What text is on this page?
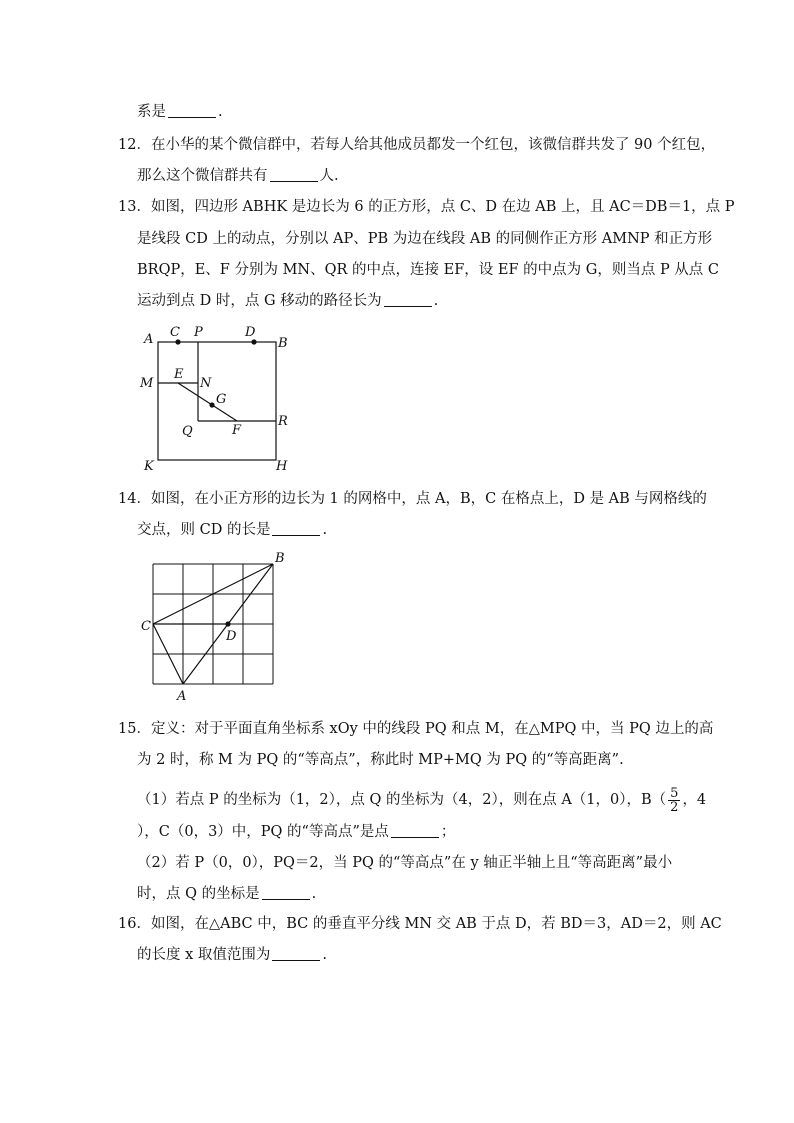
系是	.
12．在小华的某个微信群中，若每人给其他成员都发一个红包，该微信群共发了 90 个红包，
那么这个微信群共有	人.
13．如图，四边形 ABHK 是边长为 6 的正方形，点 C、D 在边 AB 上，且 AC＝DB＝1，点 P
是线段 CD 上的动点，分别以 AP、PB 为边在线段 AB 的同侧作正方形 AMNP 和正方形
BRQP，E、F 分别为 MN、QR 的中点，连接 EF，设 EF 的中点为 G，则当点 P 从点 C
运动到点 D 时，点 G 移动的路径长为	.
A C P	D
B
M
E
N
G
Q	F
R
K	H
14．如图，在小正方形的边长为 1 的网格中，点 A，B，C 在格点上，D 是 AB 与网格线的
交点，则 CD 的长是	.
B
C
D
A
15．定义：对于平面直角坐标系 xOy 中的线段 PQ 和点 M，在△MPQ 中，当 PQ 边上的高
为 2 时，称 M 为 PQ 的“等高点”，称此时 MP+MQ 为 PQ 的“等高距离”.
（1）若点 P 的坐标为（1，2），点 Q 的坐标为（4，2），则在点 A（1，0），$B( \frac{5}{2}$ ，4
），C（0，3）中，PQ 的“等高点”是点	；
（2）若 P（0，0），PQ＝2，当 PQ 的“等高点”在 y 轴正半轴上且“等高距离”最小
时，点 Q 的坐标是	.
16．如图，在△ABC 中，BC 的垂直平分线 MN 交 AB 于点 D，若 BD＝3，AD＝2，则 AC
的长度 x 取值范围为	.
